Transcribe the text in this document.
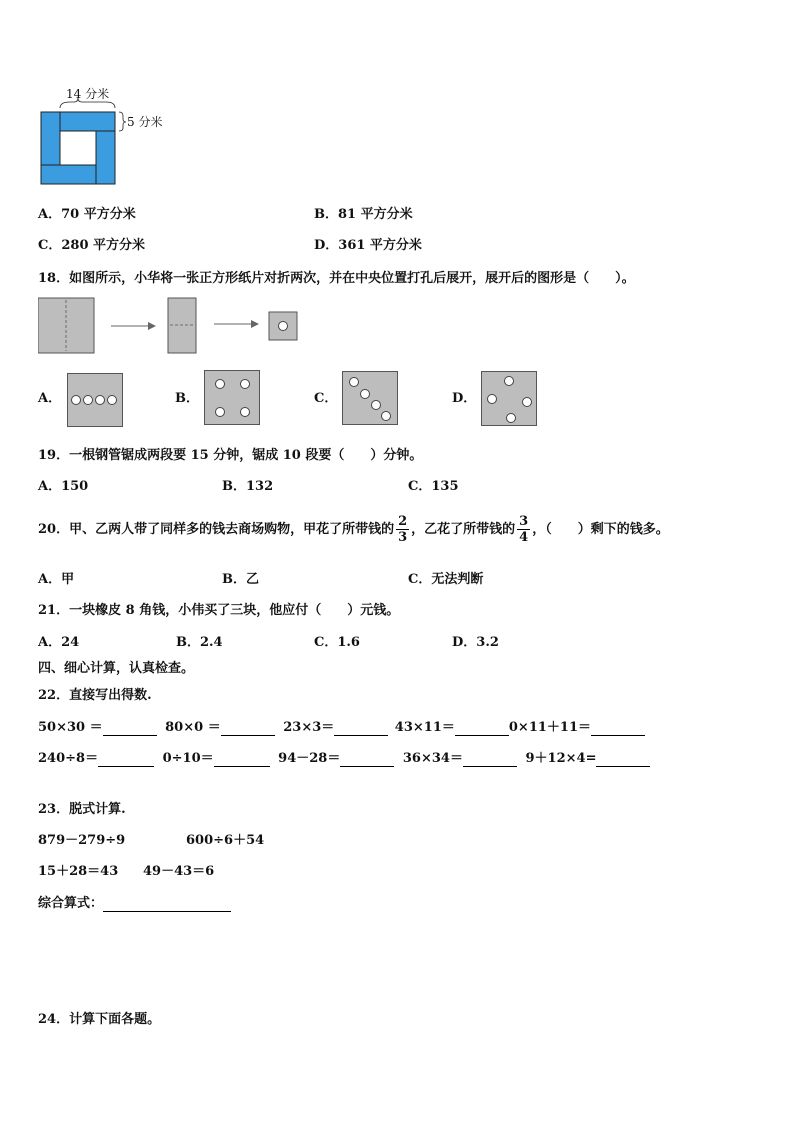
14 分米
5 分米
A．70 平方分米	B．81 平方分米
C．280 平方分米	D．361 平方分米
18．如图所示，小华将一张正方形纸片对折两次，并在中央位置打孔后展开，展开后的图形是（　　）。
A．	B．	C．	D．
19．一根钢管锯成两段要 15 分钟，锯成 10 段要（　　）分钟。
A．150	B．132	C．135
20．甲、乙两人带了同样多的钱去商场购物，甲花了所带钱的 $\frac{2}{3}$ ，乙花了所带钱的 $\frac{3}{4}$ ，（　　）剩下的钱多。
A．甲	B．乙	C．无法判断
21．一块橡皮 8 角钱，小伟买了三块，他应付（　　）元钱。
A．24	B．2.4	C．1.6	D．3.2
四、细心计算，认真检查。
22．直接写出得数.
50×30 ＝	80×0 ＝	23×3＝	43×11＝	0×11＋11＝
240÷8＝	0÷10＝	94－28＝	36×34＝	9＋12×4=
23．脱式计算.
879－279÷9	600÷6＋54
15＋28＝43 49－43＝6
综合算式：
24．计算下面各题。
